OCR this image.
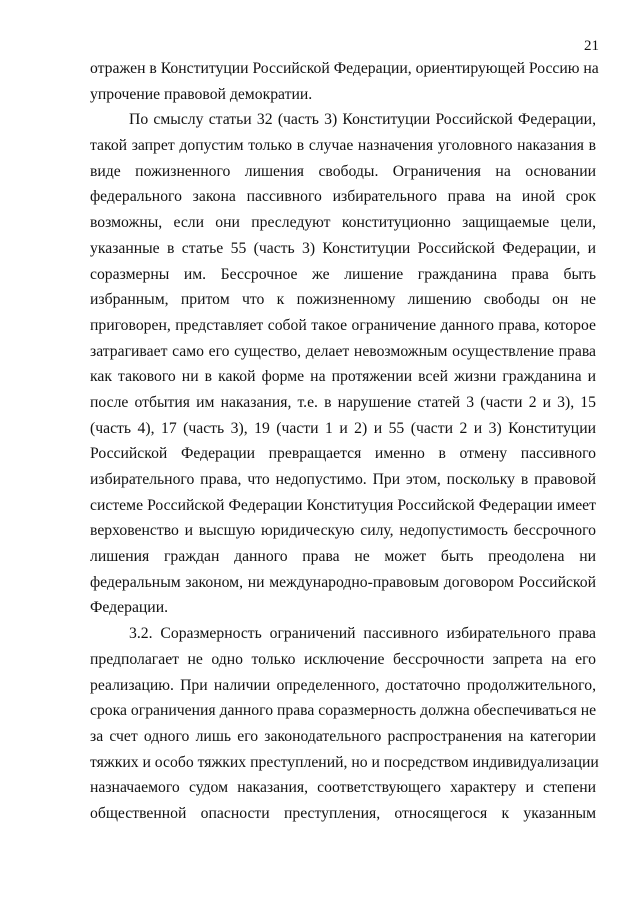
21
отражен в Конституции Российской Федерации, ориентирующей Россию на
упрочение правовой демократии.
По смыслу статьи 32 (часть 3) Конституции Российской Федерации,
такой запрет допустим только в случае назначения уголовного наказания в
виде пожизненного лишения свободы. Ограничения на основании
федерального закона пассивного избирательного права на иной срок
возможны, если они преследуют конституционно защищаемые цели,
указанные в статье 55 (часть 3) Конституции Российской Федерации, и
соразмерны им. Бессрочное же лишение гражданина права быть
избранным, притом что к пожизненному лишению свободы он не
приговорен, представляет собой такое ограничение данного права, которое
затрагивает само его существо, делает невозможным осуществление права
как такового ни в какой форме на протяжении всей жизни гражданина и
после отбытия им наказания, т.е. в нарушение статей 3 (части 2 и 3), 15
(часть 4), 17 (часть 3), 19 (части 1 и 2) и 55 (части 2 и 3) Конституции
Российской Федерации превращается именно в отмену пассивного
избирательного права, что недопустимо. При этом, поскольку в правовой
системе Российской Федерации Конституция Российской Федерации имеет
верховенство и высшую юридическую силу, недопустимость бессрочного
лишения граждан данного права не может быть преодолена ни
федеральным законом, ни международно-правовым договором Российской
Федерации.
3.2. Соразмерность ограничений пассивного избирательного права
предполагает не одно только исключение бессрочности запрета на его
реализацию. При наличии определенного, достаточно продолжительного,
срока ограничения данного права соразмерность должна обеспечиваться не
за счет одного лишь его законодательного распространения на категории
тяжких и особо тяжких преступлений, но и посредством индивидуализации
назначаемого судом наказания, соответствующего характеру и степени
общественной опасности преступления, относящегося к указанным
